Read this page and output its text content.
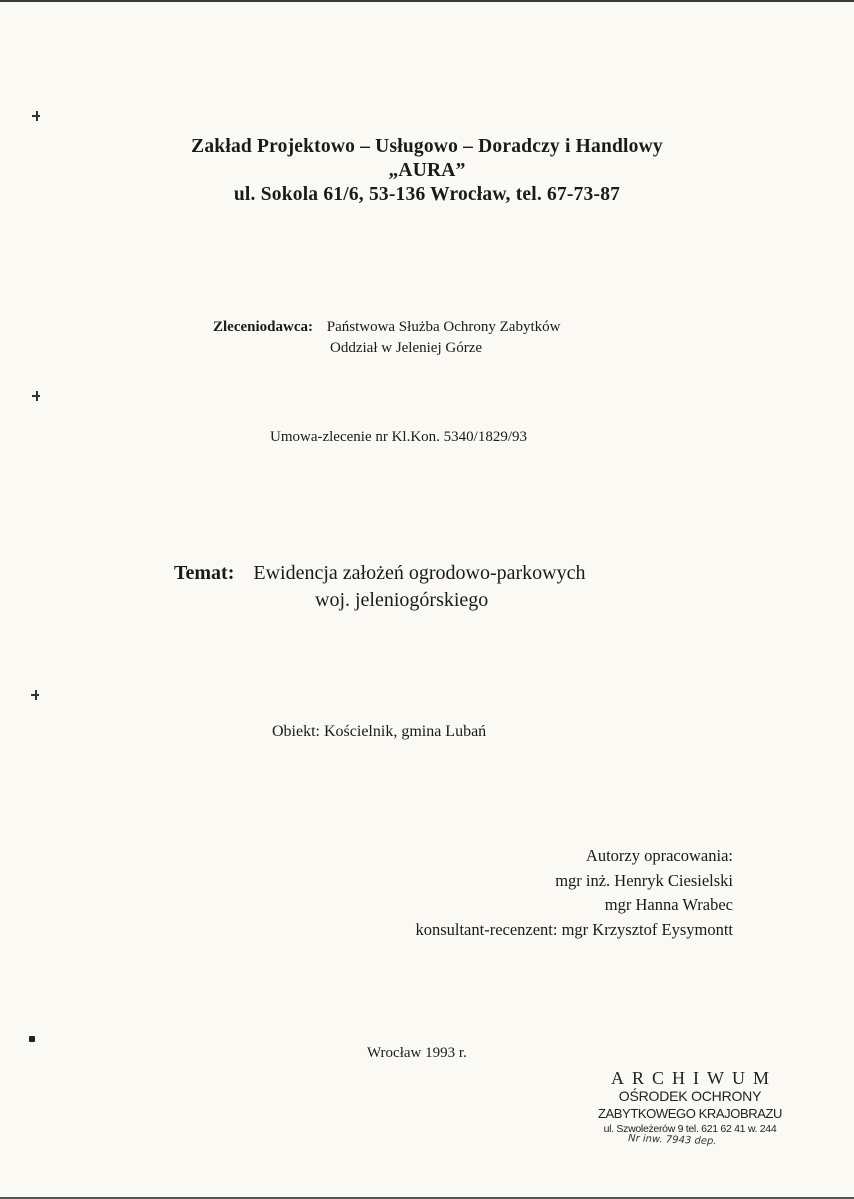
Zakład Projektowo – Usługowo – Doradczy i Handlowy
„AURA”
ul. Sokola 61/6, 53-136 Wrocław, tel. 67-73-87
Zleceniodawca: Państwowa Służba Ochrony Zabytków
Oddział w Jeleniej Górze
Umowa-zlecenie nr Kl.Kon. 5340/1829/93
Temat: Ewidencja założeń ogrodowo-parkowych
woj. jeleniogórskiego
Obiekt: Kościelnik, gmina Lubań
Autorzy opracowania:
mgr inż. Henryk Ciesielski
mgr Hanna Wrabec
konsultant-recenzent: mgr Krzysztof Eysymontt
Wrocław 1993 r.
ARCHIWUM
OŚRODEK OCHRONY
ZABYTKOWEGO KRAJOBRAZU
ul. Szwoleżerów 9 tel. 621 62 41 w. 244
Nr inw. 7943 dep.
